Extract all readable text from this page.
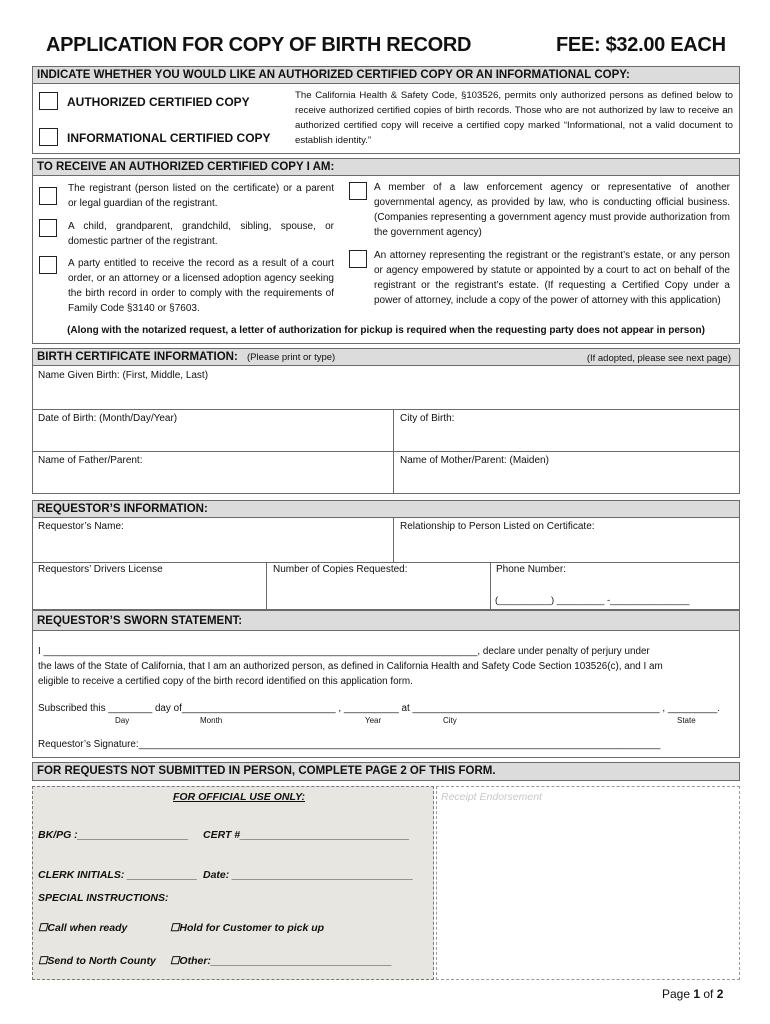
APPLICATION FOR COPY OF BIRTH RECORD	FEE: $32.00 EACH
INDICATE WHETHER YOU WOULD LIKE AN AUTHORIZED CERTIFIED COPY OR AN INFORMATIONAL COPY:
AUTHORIZED CERTIFIED COPY
INFORMATIONAL CERTIFIED COPY
The California Health & Safety Code, §103526, permits only authorized persons as defined below to receive authorized certified copies of birth records. Those who are not authorized by law to receive an authorized certified copy will receive a certified copy marked “Informational, not a valid document to establish identity.”
TO RECEIVE AN AUTHORIZED CERTIFIED COPY I AM:
The registrant (person listed on the certificate) or a parent or legal guardian of the registrant.
A child, grandparent, grandchild, sibling, spouse, or domestic partner of the registrant.
A party entitled to receive the record as a result of a court order, or an attorney or a licensed adoption agency seeking the birth record in order to comply with the requirements of Family Code §3140 or §7603.
A member of a law enforcement agency or representative of another governmental agency, as provided by law, who is conducting official business. (Companies representing a government agency must provide authorization from the government agency)
An attorney representing the registrant or the registrant’s estate, or any person or agency empowered by statute or appointed by a court to act on behalf of the registrant or the registrant’s estate. (If requesting a Certified Copy under a power of attorney, include a copy of the power of attorney with this application)
(Along with the notarized request, a letter of authorization for pickup is required when the requesting party does not appear in person)
BIRTH CERTIFICATE INFORMATION: (Please print or type)	(If adopted, please see next page)
Name Given Birth: (First, Middle, Last)
Date of Birth: (Month/Day/Year)	City of Birth:
Name of Father/Parent:	Name of Mother/Parent: (Maiden)
REQUESTOR’S INFORMATION:
Requestor’s Name:	Relationship to Person Listed on Certificate:
Requestors’ Drivers License	Number of Copies Requested:	Phone Number:
(__________) _________ -_______________
REQUESTOR’S SWORN STATEMENT:
I _______________________________________________________________________________, declare under penalty of perjury under
the laws of the State of California, that I am an authorized person, as defined in California Health and Safety Code Section 103526(c), and I am
eligible to receive a certified copy of the birth record identified on this application form.
Subscribed this ________ day of____________________________ , __________ at _____________________________________________ , _________.
Day	Month	Year	City	State
Requestor’s Signature:_______________________________________________________________________________________________
FOR REQUESTS NOT SUBMITTED IN PERSON, COMPLETE PAGE 2 OF THIS FORM.
FOR OFFICIAL USE ONLY:
BK/PG :___________________ CERT #_____________________________
CLERK INITIALS: ____________ Date: _______________________________
SPECIAL INSTRUCTIONS:
☐Call when ready	☐Hold for Customer to pick up
☐Send to North County ☐Other:_______________________________
Receipt Endorsement
Page 1 of 2
